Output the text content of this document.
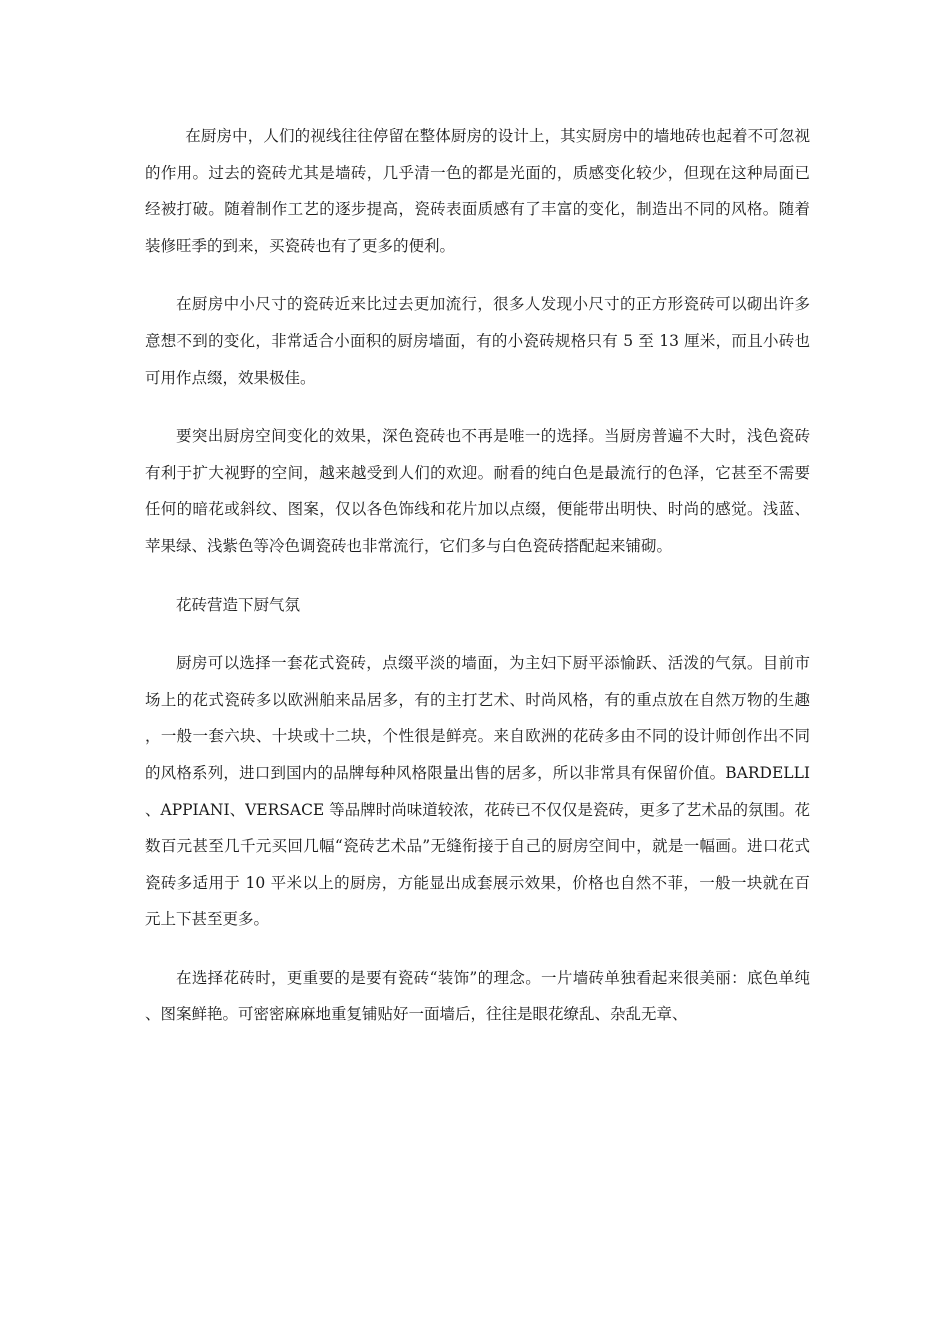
在厨房中，人们的视线往往停留在整体厨房的设计上，其实厨房中的墙地砖也起着不可忽视的作用。过去的瓷砖尤其是墙砖，几乎清一色的都是光面的，质感变化较少，但现在这种局面已经被打破。随着制作工艺的逐步提高，瓷砖表面质感有了丰富的变化，制造出不同的风格。随着装修旺季的到来，买瓷砖也有了更多的便利。

在厨房中小尺寸的瓷砖近来比过去更加流行，很多人发现小尺寸的正方形瓷砖可以砌出许多意想不到的变化，非常适合小面积的厨房墙面，有的小瓷砖规格只有 5 至 13 厘米，而且小砖也可用作点缀，效果极佳。

要突出厨房空间变化的效果，深色瓷砖也不再是唯一的选择。当厨房普遍不大时，浅色瓷砖有利于扩大视野的空间，越来越受到人们的欢迎。耐看的纯白色是最流行的色泽，它甚至不需要任何的暗花或斜纹、图案，仅以各色饰线和花片加以点缀，便能带出明快、时尚的感觉。浅蓝、苹果绿、浅紫色等冷色调瓷砖也非常流行，它们多与白色瓷砖搭配起来铺砌。

花砖营造下厨气氛

厨房可以选择一套花式瓷砖，点缀平淡的墙面，为主妇下厨平添愉跃、活泼的气氛。目前市场上的花式瓷砖多以欧洲舶来品居多，有的主打艺术、时尚风格，有的重点放在自然万物的生趣，一般一套六块、十块或十二块，个性很是鲜亮。来自欧洲的花砖多由不同的设计师创作出不同的风格系列，进口到国内的品牌每种风格限量出售的居多，所以非常具有保留价值。BARDELLI、APPIANI、VERSACE 等品牌时尚味道较浓，花砖已不仅仅是瓷砖，更多了艺术品的氛围。花数百元甚至几千元买回几幅“瓷砖艺术品”无缝衔接于自己的厨房空间中，就是一幅画。进口花式瓷砖多适用于 10 平米以上的厨房，方能显出成套展示效果，价格也自然不菲，一般一块就在百元上下甚至更多。

在选择花砖时，更重要的是要有瓷砖“装饰”的理念。一片墙砖单独看起来很美丽：底色单纯、图案鲜艳。可密密麻麻地重复铺贴好一面墙后，往往是眼花缭乱、杂乱无章、
